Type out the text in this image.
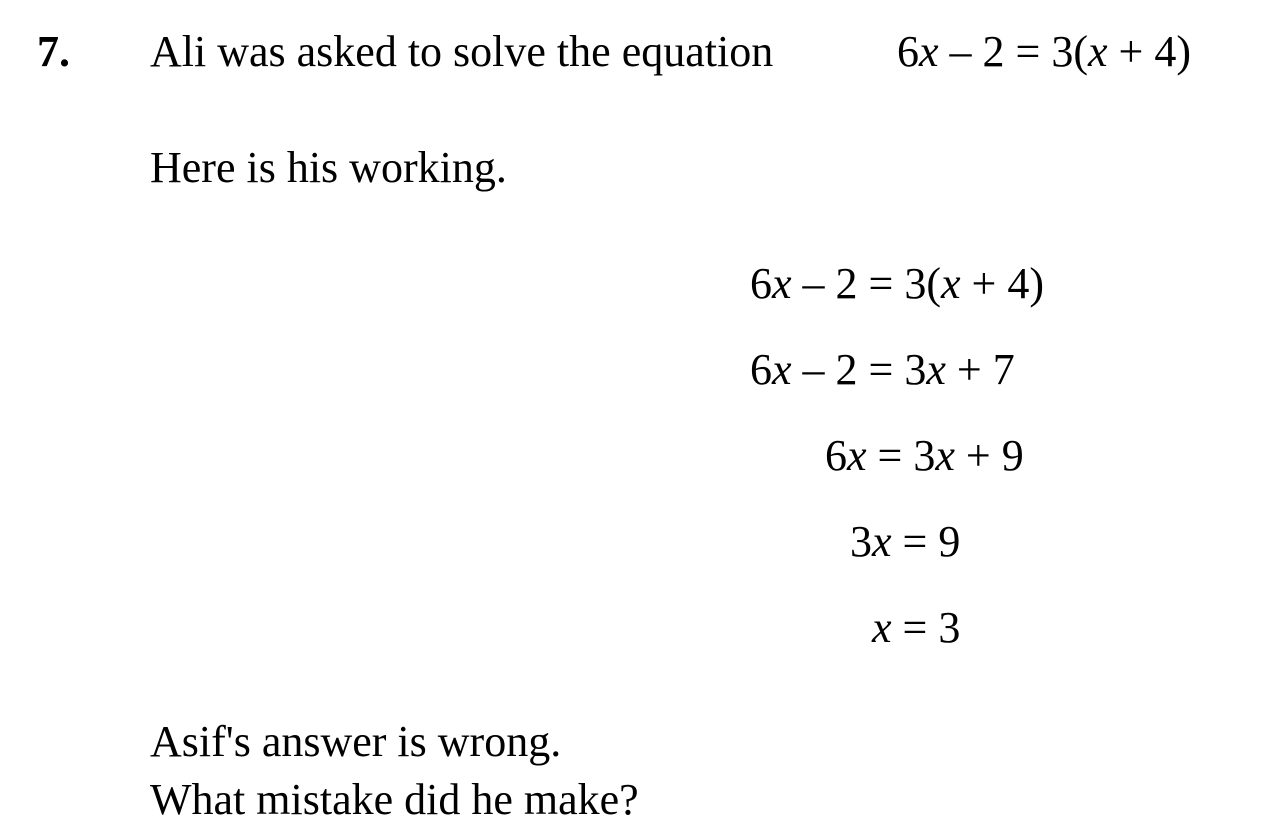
7. Ali was asked to solve the equation	6x – 2 = 3(x + 4)
Here is his working.
6x – 2 = 3(x + 4)
6x – 2 = 3x + 7
6x = 3x + 9
3x = 9
x = 3
Asif's answer is wrong.
What mistake did he make?
